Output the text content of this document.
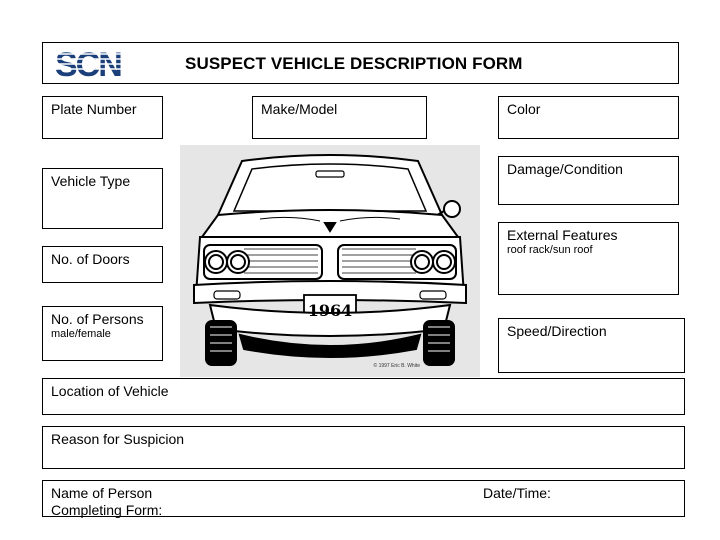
SCN	SUSPECT VEHICLE DESCRIPTION FORM
Plate Number	Make/Model	Color
Vehicle Type
No. of Doors
No. of Persons
male/female
Damage/Condition
External Features
roof rack/sun roof
Speed/Direction
1964
© 1997 Eric B. White
Location of Vehicle
Reason for Suspicion
Name of Person
Completing Form:
Date/Time:
